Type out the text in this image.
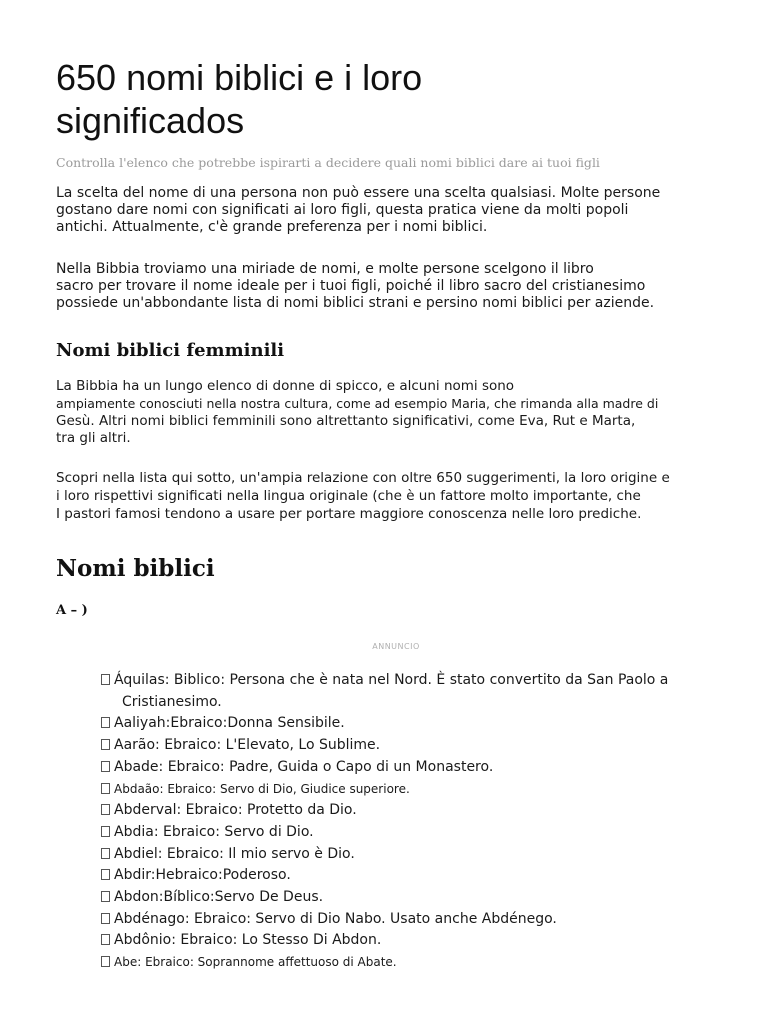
650 nomi biblici e i loro
significados

Controlla l'elenco che potrebbe ispirarti a decidere quali nomi biblici dare ai tuoi figli

La scelta del nome di una persona non può essere una scelta qualsiasi. Molte persone
gostano dare nomi con significati ai loro figli, questa pratica viene da molti popoli
antichi. Attualmente, c'è grande preferenza per i nomi biblici.

Nella Bibbia troviamo una miriade de nomi, e molte persone scelgono il libro
sacro per trovare il nome ideale per i tuoi figli, poiché il libro sacro del cristianesimo
possiede un'abbondante lista di nomi biblici strani e persino nomi biblici per aziende.

Nomi biblici femminili

La Bibbia ha un lungo elenco di donne di spicco, e alcuni nomi sono
ampiamente conosciuti nella nostra cultura, come ad esempio Maria, che rimanda alla madre di
Gesù. Altri nomi biblici femminili sono altrettanto significativi, come Eva, Rut e Marta,
tra gli altri.

Scopri nella lista qui sotto, un'ampia relazione con oltre 650 suggerimenti, la loro origine e
i loro rispettivi significati nella lingua originale (che è un fattore molto importante, che
I pastori famosi tendono a usare per portare maggiore conoscenza nelle loro prediche.

Nomi biblici

A – )

ANNUNCIO
Áquilas: Biblico: Persona che è nata nel Nord. È stato convertito da San Paolo a
Cristianesimo.
Aaliyah:Ebraico:Donna Sensibile.
Aarão: Ebraico: L'Elevato, Lo Sublime.
Abade: Ebraico: Padre, Guida o Capo di un Monastero.
Abdaão: Ebraico: Servo di Dio, Giudice superiore.
Abderval: Ebraico: Protetto da Dio.
Abdia: Ebraico: Servo di Dio.
Abdiel: Ebraico: Il mio servo è Dio.
Abdir:Hebraico:Poderoso.
Abdon:Bíblico:Servo De Deus.
Abdénago: Ebraico: Servo di Dio Nabo. Usato anche Abdénego.
Abdônio: Ebraico: Lo Stesso Di Abdon.
Abe: Ebraico: Soprannome affettuoso di Abate.
